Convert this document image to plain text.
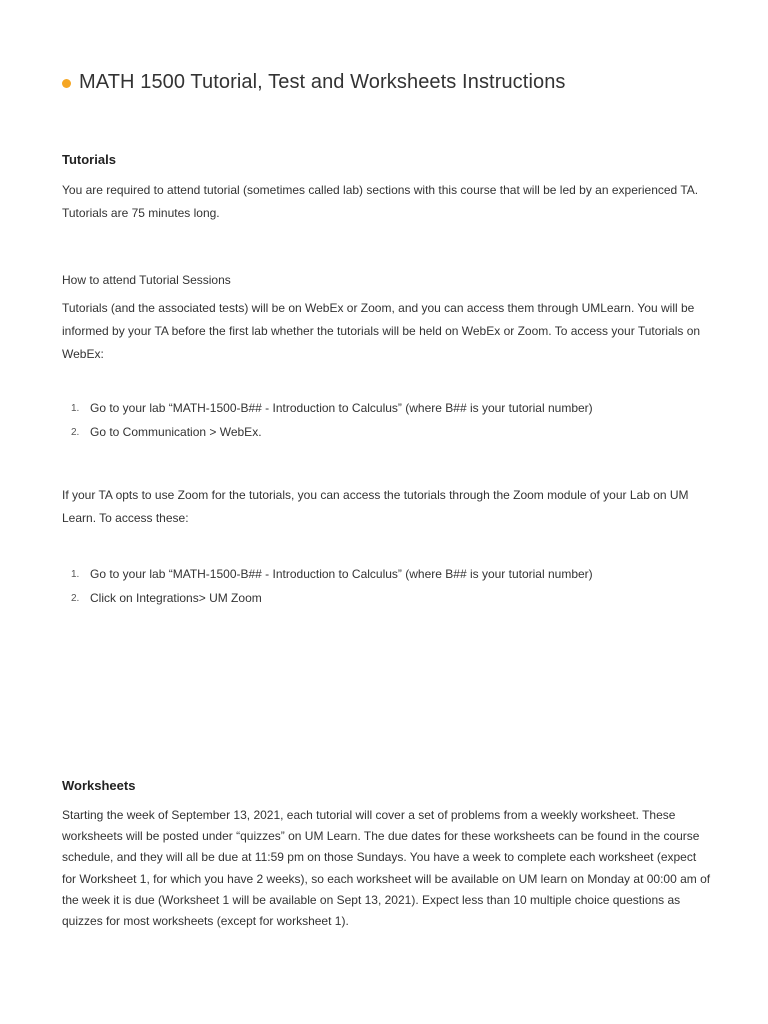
MATH 1500 Tutorial, Test and Worksheets Instructions
Tutorials
You are required to attend tutorial (sometimes called lab) sections with this course that will be led by an experienced TA. Tutorials are 75 minutes long.
How to attend Tutorial Sessions
Tutorials (and the associated tests) will be on WebEx or Zoom, and you can access them through UMLearn. You will be informed by your TA before the first lab whether the tutorials will be held on WebEx or Zoom. To access your Tutorials on WebEx:
1. Go to your lab “MATH-1500-B## - Introduction to Calculus” (where B## is your tutorial number)
2. Go to Communication > WebEx.
If your TA opts to use Zoom for the tutorials, you can access the tutorials through the Zoom module of your Lab on UM Learn. To access these:
1. Go to your lab “MATH-1500-B## - Introduction to Calculus” (where B## is your tutorial number)
2. Click on Integrations> UM Zoom
Worksheets
Starting the week of September 13, 2021, each tutorial will cover a set of problems from a weekly worksheet. These worksheets will be posted under “quizzes” on UM Learn. The due dates for these worksheets can be found in the course schedule, and they will all be due at 11:59 pm on those Sundays. You have a week to complete each worksheet (expect for Worksheet 1, for which you have 2 weeks), so each worksheet will be available on UM learn on Monday at 00:00 am of the week it is due (Worksheet 1 will be available on Sept 13, 2021). Expect less than 10 multiple choice questions as quizzes for most worksheets (except for worksheet 1).
